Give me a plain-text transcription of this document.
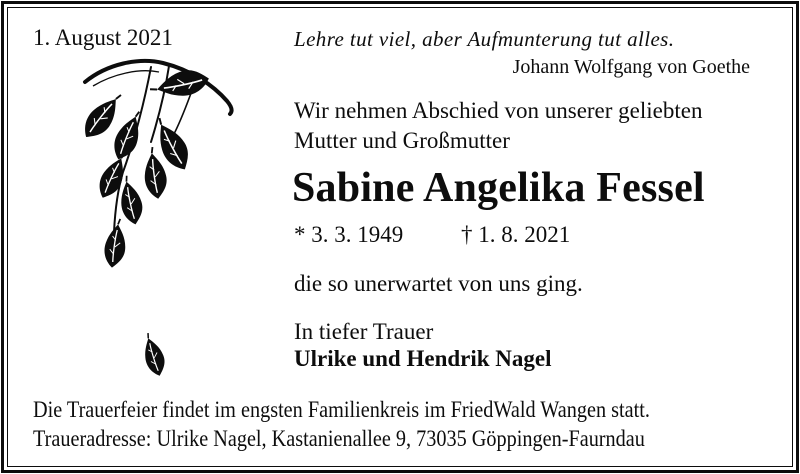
1. August 2021	Lehre tut viel, aber Aufmunterung tut alles.
Johann Wolfgang von Goethe
Wir nehmen Abschied von unserer geliebten
Mutter und Großmutter
Sabine Angelika Fessel
* 3. 3. 1949	† 1. 8. 2021
die so unerwartet von uns ging.
In tiefer Trauer
Ulrike und Hendrik Nagel
Die Trauerfeier findet im engsten Familienkreis im FriedWald Wangen statt.
Traueradresse: Ulrike Nagel, Kastanienallee 9, 73035 Göppingen-Faurndau
